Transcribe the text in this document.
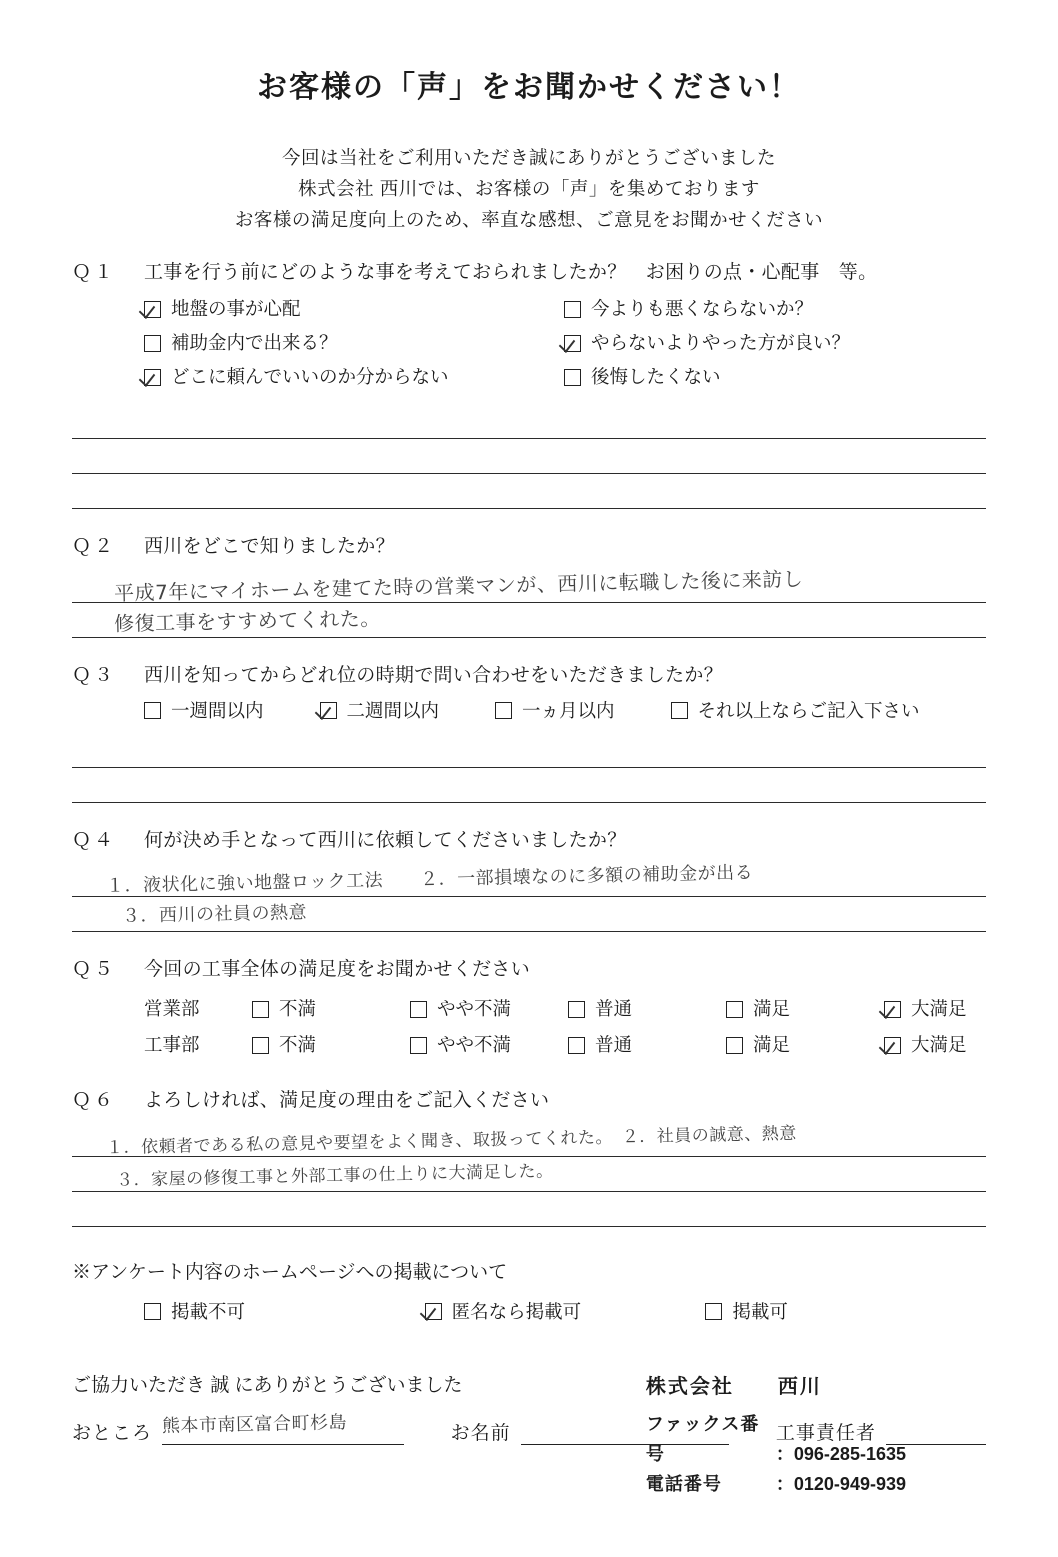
お客様の「声」をお聞かせください！
今回は当社をご利用いただき誠にありがとうございました
株式会社 西川では、お客様の「声」を集めております
お客様の満足度向上のため、率直な感想、ご意見をお聞かせください
Ｑ１	工事を行う前にどのような事を考えておられましたか？　お困りの点・心配事　等。
地盤の事が心配	今よりも悪くならないか？
補助金内で出来る？	やらないよりやった方が良い？
どこに頼んでいいのか分からない	後悔したくない
Ｑ２	西川をどこで知りましたか？
平成7年にマイホームを建てた時の営業マンが、西川に転職した後に来訪し
修復工事をすすめてくれた。
Ｑ３	西川を知ってからどれ位の時期で問い合わせをいただきましたか？
一週間以内	二週間以内	一ヵ月以内	それ以上ならご記入下さい
Ｑ４	何が決め手となって西川に依頼してくださいましたか？
１．液状化に強い地盤ロック工法　　２．一部損壊なのに多額の補助金が出る
３．西川の社員の熱意
Ｑ５	今回の工事全体の満足度をお聞かせください
営業部	不満	やや不満	普通	満足	大満足
工事部	不満	やや不満	普通	満足	大満足
Ｑ６	よろしければ、満足度の理由をご記入ください
１．依頼者である私の意見や要望をよく聞き、取扱ってくれた。　２．社員の誠意、熱意
３．家屋の修復工事と外部工事の仕上りに大満足した。
※アンケート内容のホームページへの掲載について
掲載不可	匿名なら掲載可	掲載可
ご協力いただき 誠 にありがとうございました	株式会社　　西川
ファックス番号	：096-285-1635
電話番号	：0120-949-939
おところ 熊本市南区富合町杉島	お名前	工事責任者
